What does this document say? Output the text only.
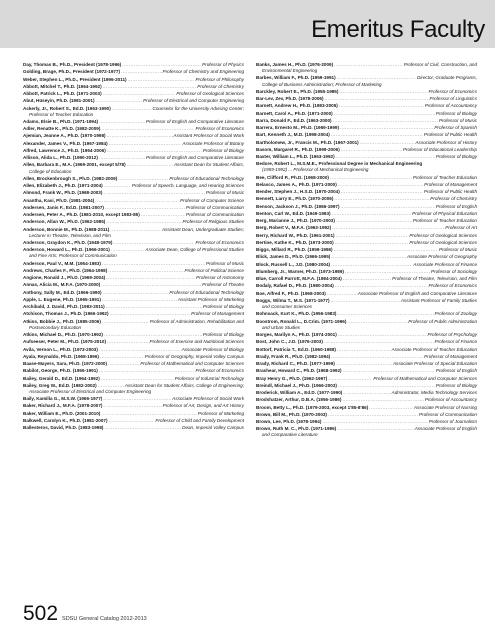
Emeritus Faculty
Day, Thomas B., Ph.D., President (1978-1996) .....	Professor of Physics
Golding, Brage, Ph.D., President (1972-1977) .....	Professor of Chemistry and Engineering
Weber, Stephen L., Ph.D., President (1996-2011) .....	Professor of Philosophy
Abbott, Mitchel T., Ph.D. (1964-1992) .....	Professor of Chemistry
Abbott, Patrick L., Ph.D. (1971-2003) .....	Professor of Geological Sciences
Abut, Hüseyin, Ph.D. (1981-2001) .....	Professor of Electrical and Computer Engineering
Ackerly, Jr., Robert S., Ed.D. (1963-1990) .....	Counselor for the University Advising Center;
Professor of Teacher Education
Adams, Elsie B., Ph.D. (1971-1994) .....	Professor of English and Comparative Literature
Adler, Renatte K., Ph.D. (1982-2009) .....	Professor of Economics
Ajemian, Jeanne A., Ph.D. (1970-1998) .....	Assistant Professor of Social Work
Alexander, James V., Ph.D. (1967-1984) .....	Associate Professor of Botany
Alfred, Lawrence J., Ph.D. (1964-2006) .....	Professor of Biology
Allison, Alida L., Ph.D. (1990-2012) .....	Professor of English and Comparative Literature
Allen, Barbara E., M.A. (1969-2001, except 5/78) .....	Assistant Dean for Student Affairs,
College of Education
Allen, Brockenbrough S., Ph.D. (1982-2009) .....	Professor of Educational Technology
Allen, Elizabeth J., Ph.D. (1971-2004) .....	Professor of Speech, Language, and Hearing Sciences
Almond, Frank W., Ph.D. (1968-2003) .....	Professor of Music
Anantha, Kasi, Ph.D. (1981-2004) .....	Professor of Computer Science
Andersen, Janis F., Ed.D. (1981-2007) .....	Professor of Communication
Andersen, Peter A., Ph.D. (1981-2010, except 1983-85) .....	Professor of Communication
Anderson, Allan W., Ph.D. (1962-1985) .....	Professor of Religious Studies
Anderson, Bonnie M., Ph.D. (1988-2011) .....	Assistant Dean, Undergraduate Studies;
Lecturer in Theatre, Television, and Film
Anderson, Graydon K., Ph.D. (1948-1979) .....	Professor of Economics
Anderson, Howard L., Ph.D. (1966-2001) .....	Associate Dean, College of Professional Studies
and Fine Arts; Professor of Communication
Anderson, Paul V., M.M. (1954-1983) .....	Professor of Music
Andrews, Charles F., Ph.D. (1964-1998) .....	Professor of Political Science
Angione, Ronald J., Ph.D. (1969-2004) .....	Professor of Astronomy
Annas, Alicia M., M.F.A. (1970-2000) .....	Professor of Theatre
Anthony, Sally M., Ed.D. (1966-1990) .....	Professor of Educational Technology
Apple, L. Eugene, Ph.D. (1965-1991) .....	Assistant Professor of Marketing
Archibald, J. David, Ph.D. (1983-2011) .....	Professor of Biology
Atchison, Thomas J., Ph.D. (1966-1992) .....	Professor of Management
Atkins, Bobbie J., Ph.D. (1985-2006) .....	Professor of Administration, Rehabilitation and
Postsecondary Education
Atkins, Michael D., Ph.D. (1970-1992) .....	Professor of Biology
Aufseeser, Peter M., Ph.D. (1975-2010) .....	Professor of Exercise and Nutritional Sciences
Avila, Vernon L., Ph.D. (1973-2003) .....	Associate Professor of Biology
Ayala, Reynaldo, Ph.D. (1968-1996) .....	Professor of Geography, Imperial Valley Campus
Baase-Mayers, Sara, Ph.D. (1972-2000) .....	Professor of Mathematical and Computer Sciences
Babilot, George, Ph.D. (1956-1991) .....	Professor of Economics
Bailey, Gerald D., Ed.D. (1964-1992) .....	Professor of Industrial Technology
Bailey, Greg W., Ed.D. (1982-2002) .....	Assistant Dean for Student Affairs, College of Engineering;
Associate Professor of Electrical and Computer Engineering
Baily, Kamilla G., M.S.W. (1966-1977) .....	Associate Professor of Social Work
Baker, Richard J., M.F.A. (1978-2007) .....	Professor of Art, Design, and Art History
Baker, William E., Ph.D. (2001-2010) .....	Professor of Marketing
Balkwell, Carolyn K., Ph.D. (1981-2007) .....	Professor of Child and Family Development
Ballesteros, David, Ph.D. (1983-1998) .....	Dean, Imperial Valley Campus
Banks, James H., Ph.D. (1976-2009) .....	Professor of Civil, Construction, and
Environmental Engineering
Barbes, William F., Ph.D. (1959-1991) .....	Director, Graduate Programs,
College of Business Administration; Professor of Marketing
Barckley, Robert E., Ph.D. (1955-1985) .....	Professor of Economics
Bar-Lev, Zev, Ph.D. (1978-2006) .....	Professor of Linguistics
Barnett, Andrew H., Ph.D. (1983-2005) .....	Professor of Accountancy
Barnett, Carol A., Ph.D. (1971-2000) .....	Professor of Biology
Barra, Donald F., Ed.D. (1963-2000) .....	Professor of Music
Barrera, Ernesto M., Ph.D. (1969-1999) .....	Professor of Spanish
Bart, Kenneth J., M.D. (1998-2004) .....	Professor of Public Health
Bartholomew, Jr., Francis M., Ph.D. (1967-2001) .....	Associate Professor of History
Basom, Margaret R., Ph.D. (1999-2006) .....	Professor of Educational Leadership
Baxter, William L., Ph.D. (1963-1992) .....	Professor of Biology
Bedore, Robert L., M.S.M.E., Professional Degree in Mechanical Engineering
(1959-1992) ... Professor of Mechanical Engineering
Bee, Clifford P., Ph.D. (1968-2000) .....	Professor of Teacher Education
Belasco, James A., Ph.D. (1971-2000) .....	Professor of Management
Bender, Stephen J., H.S.D. (1970-2004) .....	Professor of Public Health
Bennett, Larry E., Ph.D. (1970-2006) .....	Professor of Chemistry
Benson, Jackson J., Ph.D. (1966-1997) .....	Professor of English
Benton, Carl W., Ed.D. (1949-1983) .....	Professor of Physical Education
Berg, Marianne J., Ph.D. (1970-2003) .....	Professor of Teacher Education
Berg, Robert V., M.F.A. (1963-1992) .....	Professor of Art
Berry, Richard W., Ph.D. (1961-2001) .....	Professor of Geological Sciences
Bertine, Kathe K., Ph.D. (1973-2000) .....	Professor of Geological Sciences
Biggs, Millard R., Ph.D. (1959-1986) .....	Professor of Music
Blick, James D., Ph.D. (1966-1995) .....	Associate Professor of Geography
Block, Russell L., J.D. (1980-2004) .....	Associate Professor of Finance
Blumberg, Jr., Warner, Ph.D. (1973-1989) .....	Professor of Sociology
Blue, Carroll Parrott, M.F.A. (1984-2004) .....	Professor of Theatre, Television, and Film
Bodaly, Rafael D., Ph.D. (1980-2004) .....	Professor of Economics
Boe, Alfred F., Ph.D. (1968-2003) .....	Associate Professor of English and Comparative Literature
Boggs, Wilma T., M.S. (1971-1977) .....	Assistant Professor of Family Studies
and Consumer Sciences
Bohnsack, Kurt K., Ph.D. (1956-1983) .....	Professor of Zoology
Boostrom, Ronald L., D.Crim. (1971-1996) .....	Professor of Public Administration
and Urban Studies
Borges, Marilyn A., Ph.D. (1974-2001) .....	Professor of Psychology
Bost, John C., J.D. (1976-2003) .....	Professor of Finance
Bottorf, Patricia T., Ed.D. (1960-1988) .....	Associate Professor of Teacher Education
Brady, Frank R., Ph.D. (1982-1994) .....	Professor of Management
Brady, Richard C., Ph.D. (1977-1999) .....	Associate Professor of Special Education
Brashear, Howard C., Ph.D. (1968-1992) .....	Professor of English
Bray Henry G., Ph.D. (1962-1997) .....	Professor of Mathematical and Computer Sciences
Breindl, Michael J., Ph.D. (1966-2003) .....	Professor of Biology
Broderick, William A., Ed.D. (1977-1990) .....	Administrator, Media Technology Services
Brodshatzer, Arthur, D.B.A. (1956-1986) .....	Professor of Accountancy
Broom, Betty L., Ph.D. (1979-2003, except 1'85-8'86) .....	Associate Professor of Nursing
Brown, Bill M., Ph.D. (1970-2003) .....	Professor of Communication
Brown, Lee, Ph.D. (1978-1994) .....	Professor of Journalism
Brown, Ruth M. C., Ph.D. (1971-1986) .....	Associate Professor of English
and Comparative Literature
502 SDSU General Catalog 2012-2013
